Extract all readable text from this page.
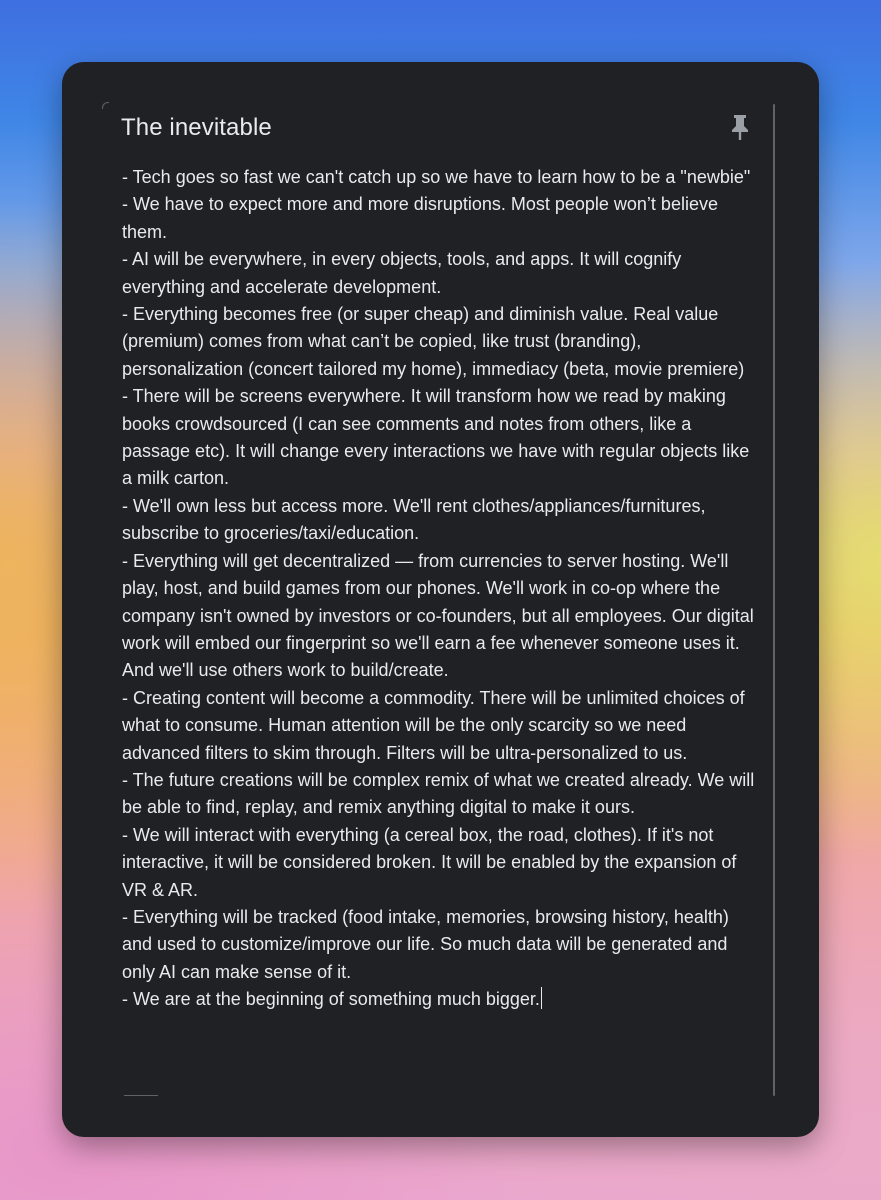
The inevitable
- Tech goes so fast we can't catch up so we have to learn how to be a "newbie"
- We have to expect more and more disruptions. Most people won’t believe them.
- AI will be everywhere, in every objects, tools, and apps. It will cognify everything and accelerate development.
- Everything becomes free (or super cheap) and diminish value. Real value (premium) comes from what can’t be copied, like trust (branding), personalization (concert tailored my home), immediacy (beta, movie premiere)
- There will be screens everywhere. It will transform how we read by making books crowdsourced (I can see comments and notes from others, like a passage etc). It will change every interactions we have with regular objects like a milk carton.
- We'll own less but access more. We'll rent clothes/appliances/furnitures, subscribe to groceries/taxi/education.
- Everything will get decentralized — from currencies to server hosting. We'll play, host, and build games from our phones. We'll work in co-op where the company isn't owned by investors or co-founders, but all employees. Our digital work will embed our fingerprint so we'll earn a fee whenever someone uses it. And we'll use others work to build/create.
- Creating content will become a commodity. There will be unlimited choices of what to consume. Human attention will be the only scarcity so we need advanced filters to skim through. Filters will be ultra-personalized to us.
- The future creations will be complex remix of what we created already. We will be able to find, replay, and remix anything digital to make it ours.
- We will interact with everything (a cereal box, the road, clothes). If it's not interactive, it will be considered broken. It will be enabled by the expansion of VR & AR.
- Everything will be tracked (food intake, memories, browsing history, health) and used to customize/improve our life. So much data will be generated and only AI can make sense of it.
- We are at the beginning of something much bigger.
